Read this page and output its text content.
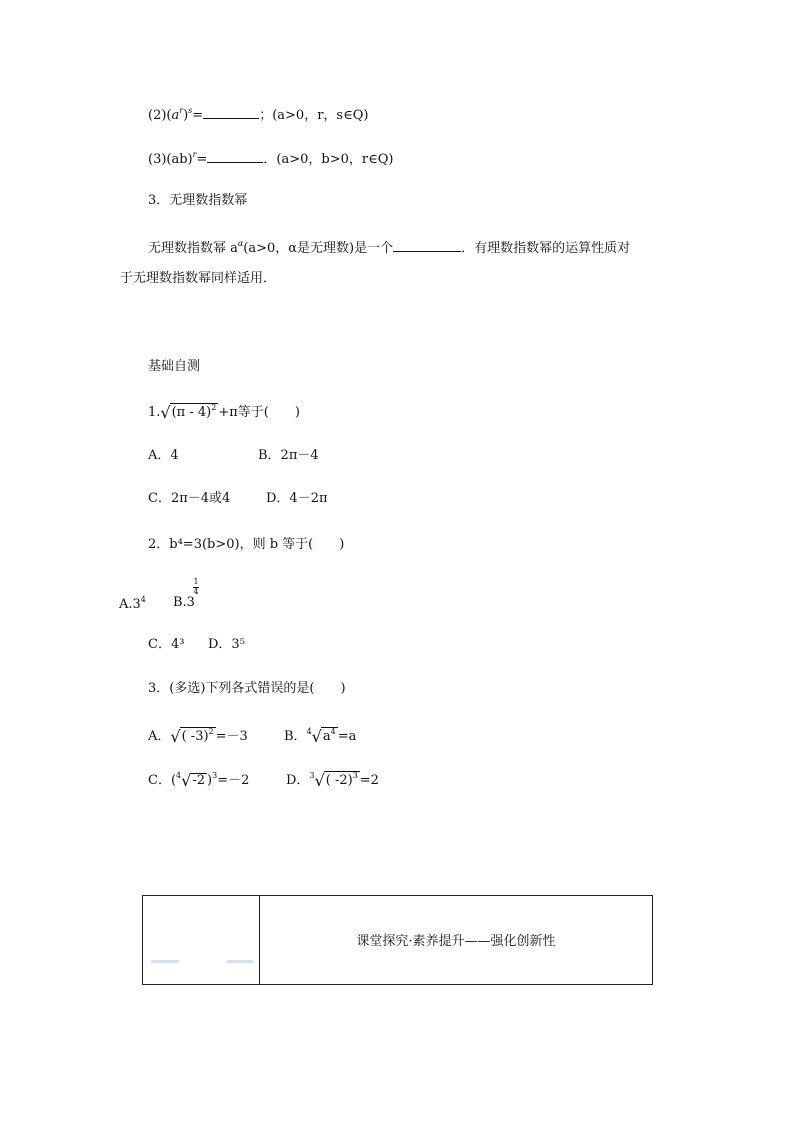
$(2)(a^r)^s=$	；(a>0，r，s∈Q)
(3)(ab)$^r$=	．(a>0，b>0，r∈Q)
3．无理数指数幂
无理数指数幂 $a^\alpha(a>0$，α是无理数)是一个	．有理数指数幂的运算性质对
于无理数指数幂同样适用．
基础自测
1.√(π - 4)$^2$ +π等于(　　)
A．4	B．2π－4
C．2π－4或4	D．4－2π
2．b⁴=3(b>0)，则 b 等于(　　)
$A.3^4$ B.3
1
4
C．4³ D．3⁵
3．(多选)下列各式错误的是(　　)
A．√( -3)$^2$ =－3	B．$^4√a^4 =a$
C．($^4$√-2 )$^3$=－2	D．$^3$√( -2)$^3$ =2
课堂探究·素养提升——强化创新性
